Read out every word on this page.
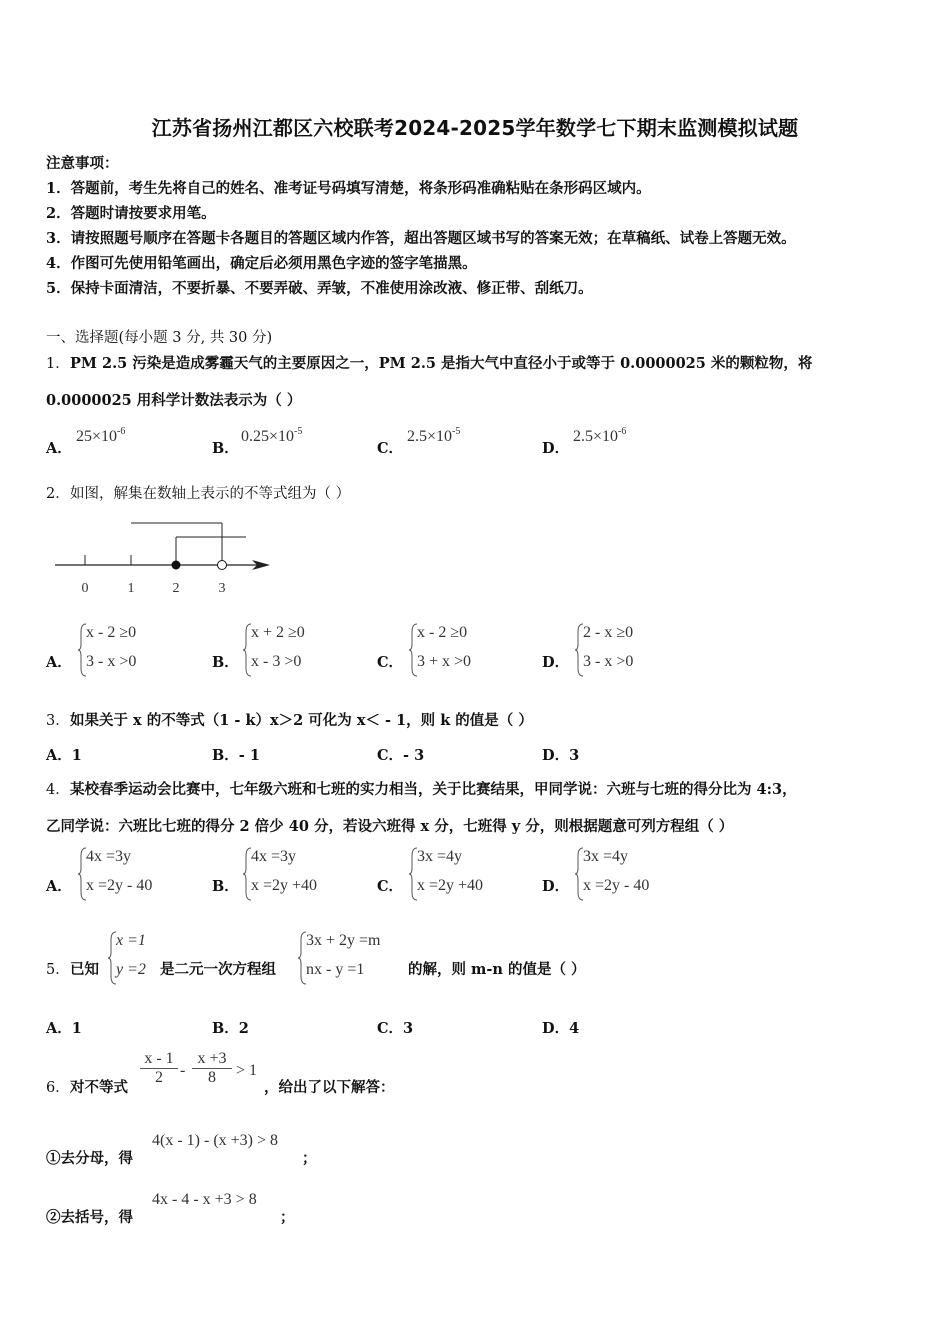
江苏省扬州江都区六校联考2024-2025学年数学七下期末监测模拟试题
注意事项：
1．答题前，考生先将自己的姓名、准考证号码填写清楚，将条形码准确粘贴在条形码区域内。
2．答题时请按要求用笔。
3．请按照题号顺序在答题卡各题目的答题区域内作答，超出答题区域书写的答案无效；在草稿纸、试卷上答题无效。
4．作图可先使用铅笔画出，确定后必须用黑色字迹的签字笔描黑。
5．保持卡面清洁，不要折暴、不要弄破、弄皱，不准使用涂改液、修正带、刮纸刀。
一、选择题(每小题 3 分, 共 30 分)
1． PM 2.5 污染是造成雾霾天气的主要原因之一，PM 2.5 是指大气中直径小于或等于 0.0000025 米的颗粒物，将
0.0000025 用科学计数法表示为（ ）
A．
$25\times 10^{-6}$
B．
$0.25\times 10^{-5}$
C．
$2.5\times 10^{-5}$
D．
$2.5\times 10^{-6}$
2． 如图，解集在数轴上表示的不等式组为（ ）
0	1	2	3
A．
x - 2 ≥0
3 - x >0	B．
x + 2 ≥0
x - 3 >0	C．
x - 2 ≥0
3 + x >0	D．
2 - x ≥0
3 - x >0
3． 如果关于 x 的不等式（1 - k）x＞2 可化为 x＜ - 1，则 k 的值是（ ）
A．1	B．- 1	C．- 3	D．3
4． 某校春季运动会比赛中，七年级六班和七班的实力相当，关于比赛结果，甲同学说：六班与七班的得分比为 4:3，
乙同学说：六班比七班的得分 2 倍少 40 分，若设六班得 x 分，七班得 y 分，则根据题意可列方程组（ ）
A．
4x =3y
x =2y - 40	B．
4x =3y
x =2y +40	C．
3x =4y
x =2y +40	D．
3x =4y
x =2y - 40
5． 已知
x =1
y =2 是二元一次方程组
3x + 2y =m
nx - y =1	的解，则 m-n 的值是（ ）
A．1	B．2	C．3	D．4
6． 对不等式
$\frac{x - 1}{2} - \frac{x +3}{8} > 1$
，给出了以下解答：
①去分母，得
4(x - 1) - (x +3) > 8
；
②去括号，得
4x - 4 - x +3 > 8
；
